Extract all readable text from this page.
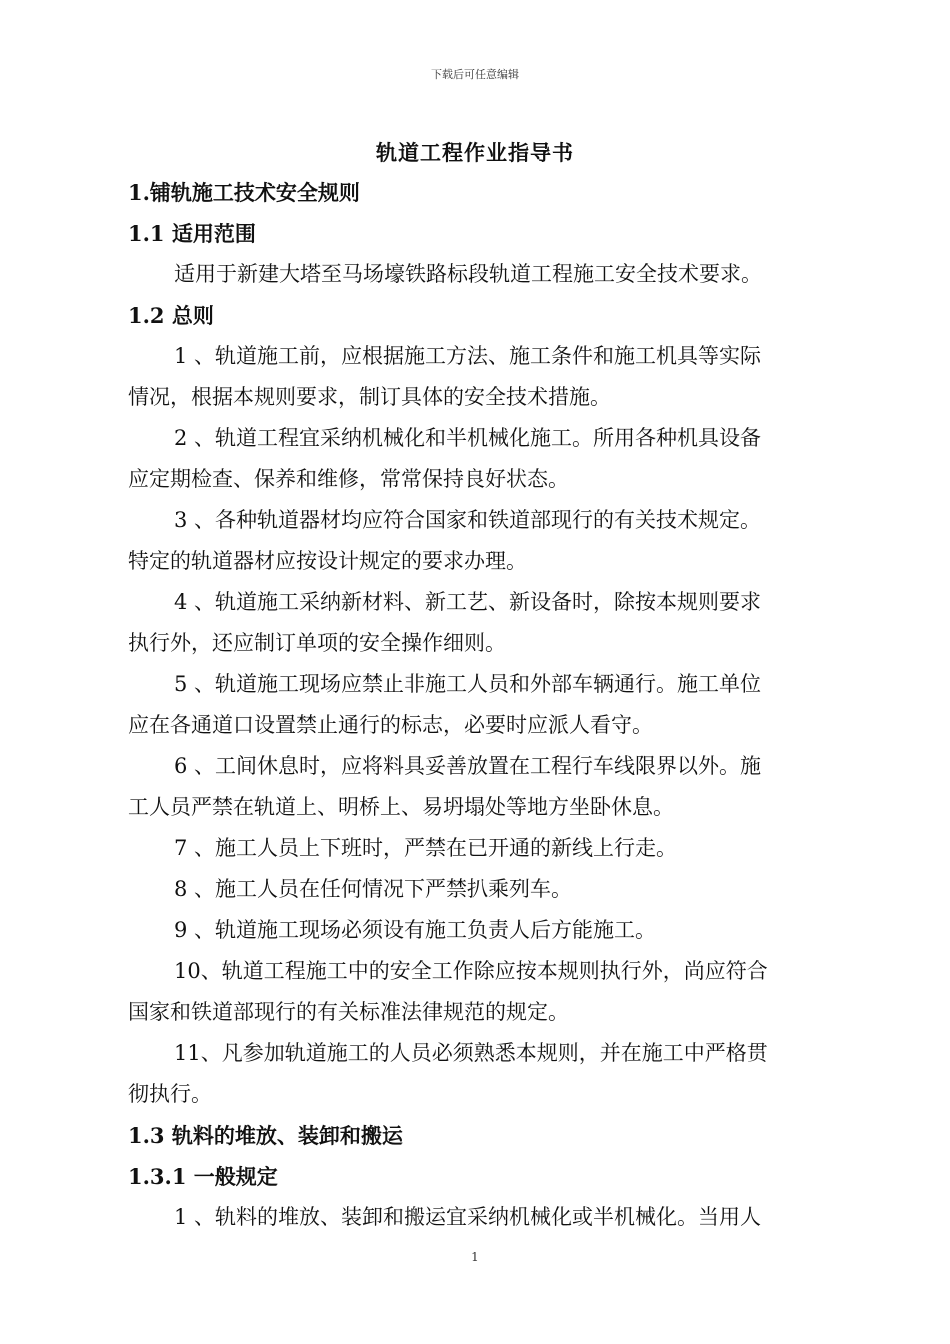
下载后可任意编辑
轨道工程作业指导书
1.铺轨施工技术安全规则
1.1 适用范围
适用于新建大塔至马场壕铁路标段轨道工程施工安全技术要求。
1.2 总则
1 、轨道施工前，应根据施工方法、施工条件和施工机具等实际
情况，根据本规则要求，制订具体的安全技术措施。
2 、轨道工程宜采纳机械化和半机械化施工。所用各种机具设备
应定期检查、保养和维修，常常保持良好状态。
3 、各种轨道器材均应符合国家和铁道部现行的有关技术规定。
特定的轨道器材应按设计规定的要求办理。
4 、轨道施工采纳新材料、新工艺、新设备时，除按本规则要求
执行外，还应制订单项的安全操作细则。
5 、轨道施工现场应禁止非施工人员和外部车辆通行。施工单位
应在各通道口设置禁止通行的标志，必要时应派人看守。
6 、工间休息时，应将料具妥善放置在工程行车线限界以外。施
工人员严禁在轨道上、明桥上、易坍塌处等地方坐卧休息。
7 、施工人员上下班时，严禁在已开通的新线上行走。
8 、施工人员在任何情况下严禁扒乘列车。
9 、轨道施工现场必须设有施工负责人后方能施工。
10、轨道工程施工中的安全工作除应按本规则执行外，尚应符合
国家和铁道部现行的有关标准法律规范的规定。
11、凡参加轨道施工的人员必须熟悉本规则，并在施工中严格贯
彻执行。
1.3 轨料的堆放、装卸和搬运
1.3.1 一般规定
1 、轨料的堆放、装卸和搬运宜采纳机械化或半机械化。当用人
1
